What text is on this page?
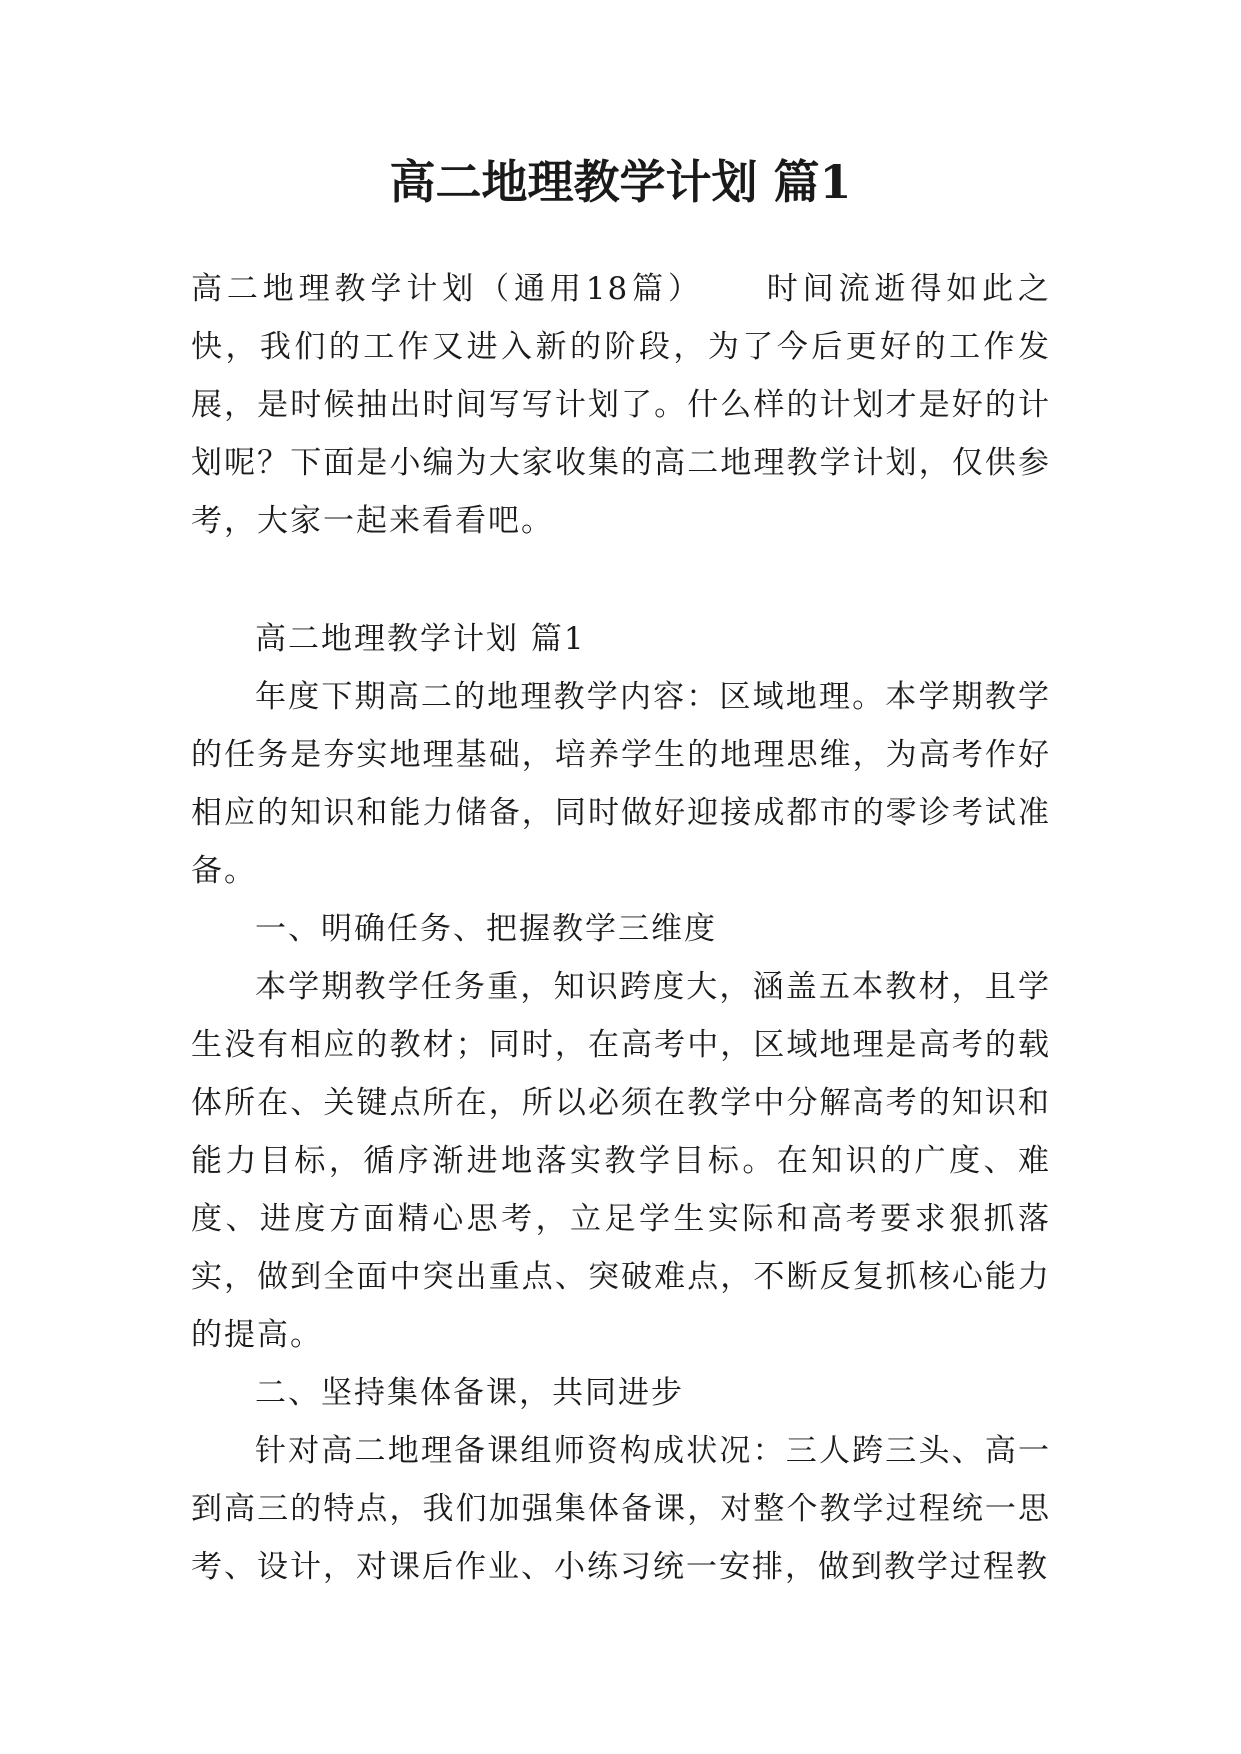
高二地理教学计划 篇1

高二地理教学计划（通用18篇） 时间流逝得如此之快，我们的工作又进入新的阶段，为了今后更好的工作发展，是时候抽出时间写写计划了。什么样的计划才是好的计划呢？下面是小编为大家收集的高二地理教学计划，仅供参考，大家一起来看看吧。

高二地理教学计划 篇1

年度下期高二的地理教学内容：区域地理。本学期教学的任务是夯实地理基础，培养学生的地理思维，为高考作好相应的知识和能力储备，同时做好迎接成都市的零诊考试准备。

一、明确任务、把握教学三维度

本学期教学任务重，知识跨度大，涵盖五本教材，且学生没有相应的教材；同时，在高考中，区域地理是高考的载体所在、关键点所在，所以必须在教学中分解高考的知识和能力目标，循序渐进地落实教学目标。在知识的广度、难度、进度方面精心思考，立足学生实际和高考要求狠抓落实，做到全面中突出重点、突破难点，不断反复抓核心能力的提高。

二、坚持集体备课，共同进步

针对高二地理备课组师资构成状况：三人跨三头、高一到高三的特点，我们加强集体备课，对整个教学过程统一思考、设计，对课后作业、小练习统一安排，做到教学过程教
